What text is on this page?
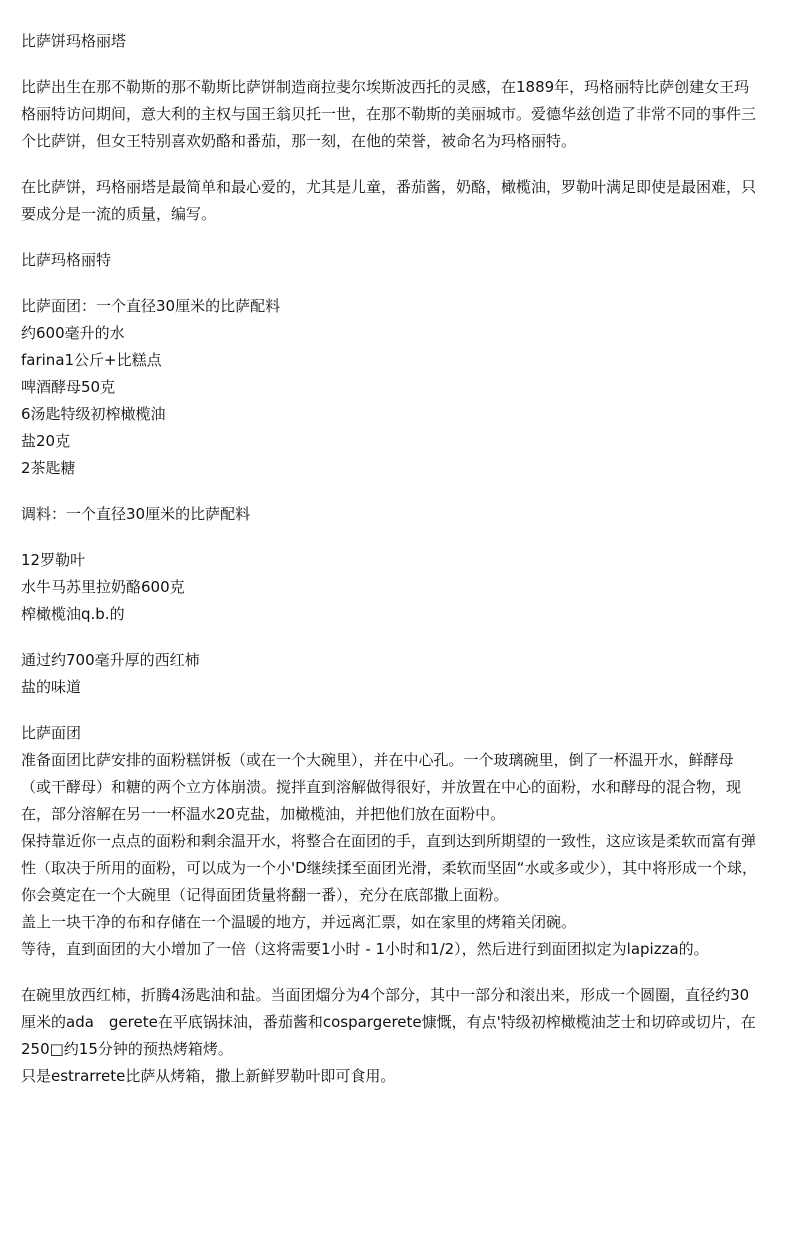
比萨饼玛格丽塔

比萨出生在那不勒斯的那不勒斯比萨饼制造商拉斐尔埃斯波西托的灵感，在1889年，玛格丽特比萨创建女王玛格丽特访问期间，意大利的主权与国王翁贝托一世，在那不勒斯的美丽城市。爱德华兹创造了非常不同的事件三个比萨饼，但女王特别喜欢奶酪和番茄，那一刻，在他的荣誉，被命名为玛格丽特。

在比萨饼，玛格丽塔是最简单和最心爱的，尤其是儿童，番茄酱，奶酪，橄榄油，罗勒叶满足即使是最困难，只要成分是一流的质量，编写。

比萨玛格丽特

比萨面团：一个直径30厘米的比萨配料
约600毫升的水
farina1公斤+比糕点
啤酒酵母50克
6汤匙特级初榨橄榄油
盐20克
2茶匙糖

调料：一个直径30厘米的比萨配料

12罗勒叶
水牛马苏里拉奶酪600克
榨橄榄油q.b.的
通过约700毫升厚的西红柿
盐的味道
比萨面团

准备面团比萨安排的面粉糕饼板（或在一个大碗里），并在中心孔。一个玻璃碗里，倒了一杯温开水，鲜酵母（或干酵母）和糖的两个立方体崩溃。搅拌直到溶解做得很好，并放置在中心的面粉，水和酵母的混合物，现在，部分溶解在另一一杯温水20克盐，加橄榄油，并把他们放在面粉中。

保持靠近你一点点的面粉和剩余温开水，将整合在面团的手，直到达到所期望的一致性，这应该是柔软而富有弹性（取决于所用的面粉，可以成为一个小'D继续揉至面团光滑，柔软而坚固“水或多或少），其中将形成一个球，你会奠定在一个大碗里（记得面团货量将翻一番），充分在底部撒上面粉。

盖上一块干净的布和存储在一个温暖的地方，并远离汇票，如在家里的烤箱关闭碗。

等待，直到面团的大小增加了一倍（这将需要1小时 - 1小时和1/2），然后进行到面团拟定为lapizza的。

在碗里放西红柿，折腾4汤匙油和盐。当面团熘分为4个部分，其中一部分和滚出来，形成一个圆圈，直径约30厘米的ada　gerete在平底锅抹油，番茄酱和cospargerete慷慨，有点'特级初榨橄榄油芝士和切碎或切片，在250□约15分钟的预热烤箱烤。

只是estrarrete比萨从烤箱，撒上新鲜罗勒叶即可食用。
